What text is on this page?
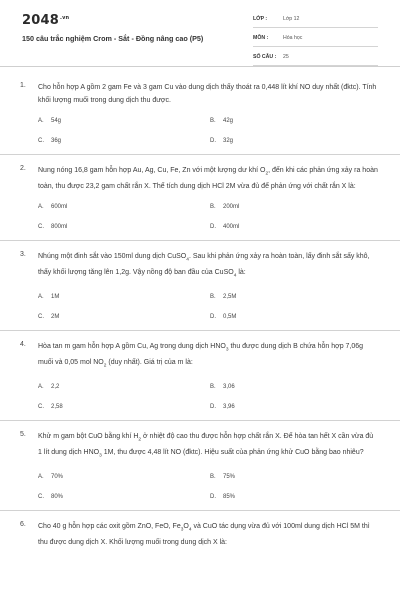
$2048^{.vn}$
150 câu trắc nghiệm Crom - Sắt - Đồng nâng cao (P5)
LỚP :	Lớp 12
MÔN :	Hóa học
SỐ CÂU : 25
1. Cho hỗn hợp A gồm 2 gam Fe và 3 gam Cu vào dung dịch thấy thoát ra 0,448 lít khí NO duy nhất (đktc). Tính khối lượng muối trong dung dịch thu được.
A. 54g	B. 42g
C. 36g	D. 32g
2. Nung nóng 16,8 gam hỗn hợp Au, Ag, Cu, Fe, Zn với một lượng dư khí $O_2$, đến khi các phản ứng xảy ra hoàn toàn, thu được 23,2 gam chất rắn X. Thể tích dung dịch HCl 2M vừa đủ để phản ứng với chất rắn X là:
A. 600ml	B. 200ml
C. 800ml	D. 400ml
3. Nhúng một đinh sắt vào 150ml dung dịch CuSO$_4$. Sau khi phản ứng xảy ra hoàn toàn, lấy đinh sắt sấy khô, thấy khối lượng tăng lên 1,2g. Vậy nồng độ ban đầu của CuSO$_4$ là:
A. 1M	B. 2,5M
C. 2M	D. 0,5M
4. Hòa tan m gam hỗn hợp A gồm Cu, Ag trong dung dịch $HNO_3$ thu được dung dịch B chứa hỗn hợp 7,06g muối và 0,05 mol $NO_2$ (duy nhất). Giá trị của m là:
A. 2,2	B. 3,06
C. 2,58	D. 3,96
5. Khử m gam bột CuO bằng khí $H_2$ ở nhiệt độ cao thu được hỗn hợp chất rắn X. Để hòa tan hết X cần vừa đủ 1 lít dung dịch $HNO_3$ 1M, thu được 4,48 lít NO (đktc). Hiệu suất của phản ứng khử CuO bằng bao nhiêu?
A. 70%	B. 75%
C. 80%	D. 85%
6. Cho 40 g hỗn hợp các oxit gồm ZnO, FeO, $Fe_3O_4$ và CuO tác dụng vừa đủ với 100ml dung dịch HCl 5M thì thu được dung dịch X. Khối lượng muối trong dung dịch X là:
